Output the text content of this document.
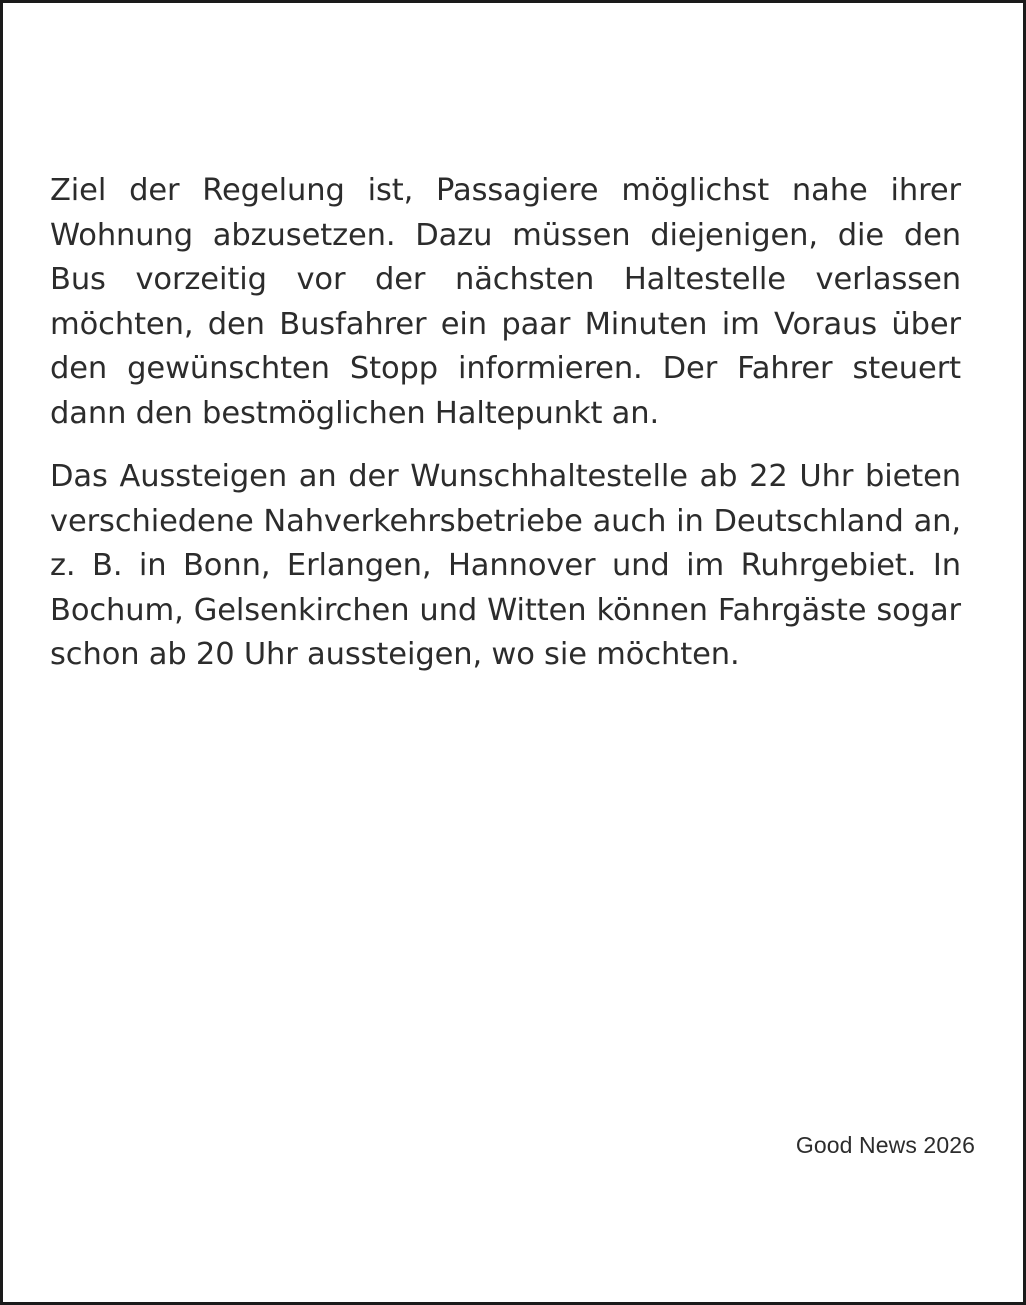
Ziel der Regelung ist, Passagiere möglichst nahe ihrer Wohnung abzusetzen. Dazu müssen diejenigen, die den Bus vorzeitig vor der nächsten Haltestelle verlassen möchten, den Busfahrer ein paar Minuten im Voraus über den gewünschten Stopp informieren. Der Fahrer steuert dann den bestmöglichen Haltepunkt an.

Das Aussteigen an der Wunschhaltestelle ab 22 Uhr bieten verschiedene Nahverkehrsbetriebe auch in Deutschland an, z. B. in Bonn, Erlangen, Hannover und im Ruhrgebiet. In Bochum, Gelsenkirchen und Witten können Fahrgäste sogar schon ab 20 Uhr aussteigen, wo sie möchten.

Good News 2026
